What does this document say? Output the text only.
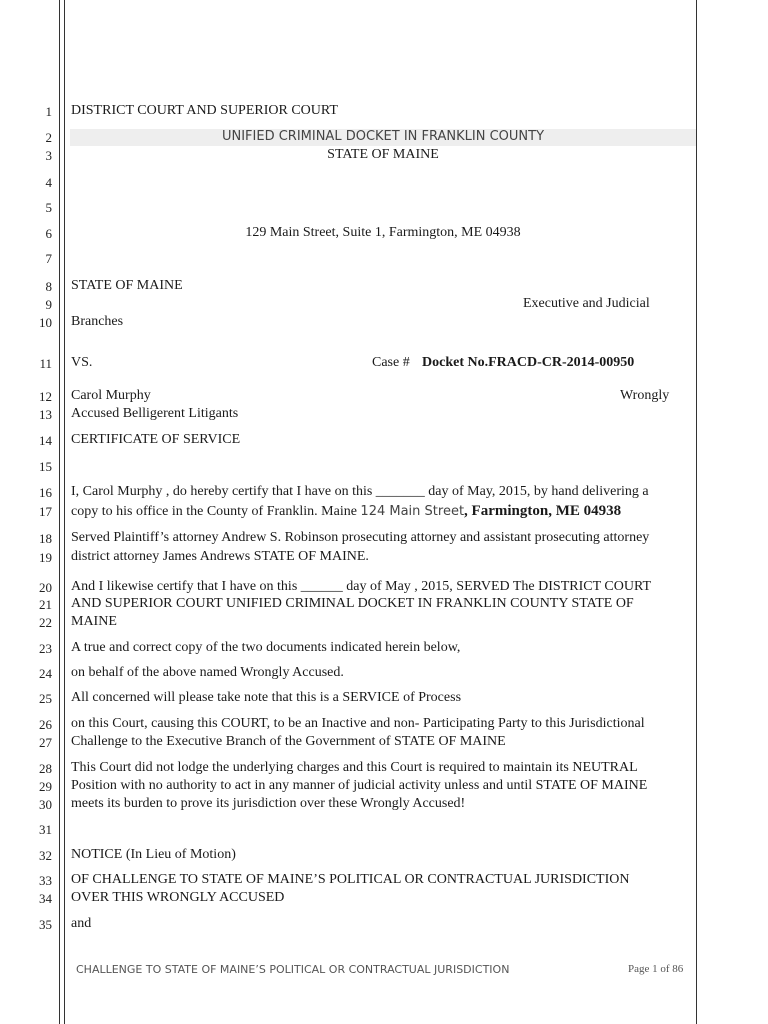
1
2
3
4
5
6
7
8
9
10
11
12
13
14
15
16
17
18
19
20
21
22
23
24
25
26
27
28
29
30
31
32
33
34
35
DISTRICT COURT AND SUPERIOR COURT
UNIFIED CRIMINAL DOCKET IN FRANKLIN COUNTY
STATE OF MAINE
129 Main Street, Suite 1, Farmington, ME 04938
STATE OF MAINE
Executive and Judicial
Branches
VS.	Case # Docket No.FRACD-CR-2014-00950
Carol Murphy	Wrongly
Accused Belligerent Litigants
CERTIFICATE OF SERVICE
I, Carol Murphy , do hereby certify that I have on this _______ day of May, 2015, by hand delivering a
copy to his office in the County of Franklin. Maine 124 Main Street, Farmington, ME 04938
Served Plaintiff’s attorney Andrew S. Robinson prosecuting attorney and assistant prosecuting attorney
district attorney James Andrews STATE OF MAINE.
And I likewise certify that I have on this ______ day of May , 2015, SERVED The DISTRICT COURT
AND SUPERIOR COURT UNIFIED CRIMINAL DOCKET IN FRANKLIN COUNTY STATE OF
MAINE
A true and correct copy of the two documents indicated herein below,
on behalf of the above named Wrongly Accused.
All concerned will please take note that this is a SERVICE of Process
on this Court, causing this COURT, to be an Inactive and non- Participating Party to this Jurisdictional
Challenge to the Executive Branch of the Government of STATE OF MAINE
This Court did not lodge the underlying charges and this Court is required to maintain its NEUTRAL
Position with no authority to act in any manner of judicial activity unless and until STATE OF MAINE
meets its burden to prove its jurisdiction over these Wrongly Accused!
NOTICE (In Lieu of Motion)
OF CHALLENGE TO STATE OF MAINE’S POLITICAL OR CONTRACTUAL JURISDICTION
OVER THIS WRONGLY ACCUSED
and
CHALLENGE TO STATE OF MAINE’S POLITICAL OR CONTRACTUAL JURISDICTION	Page 1 of 86
